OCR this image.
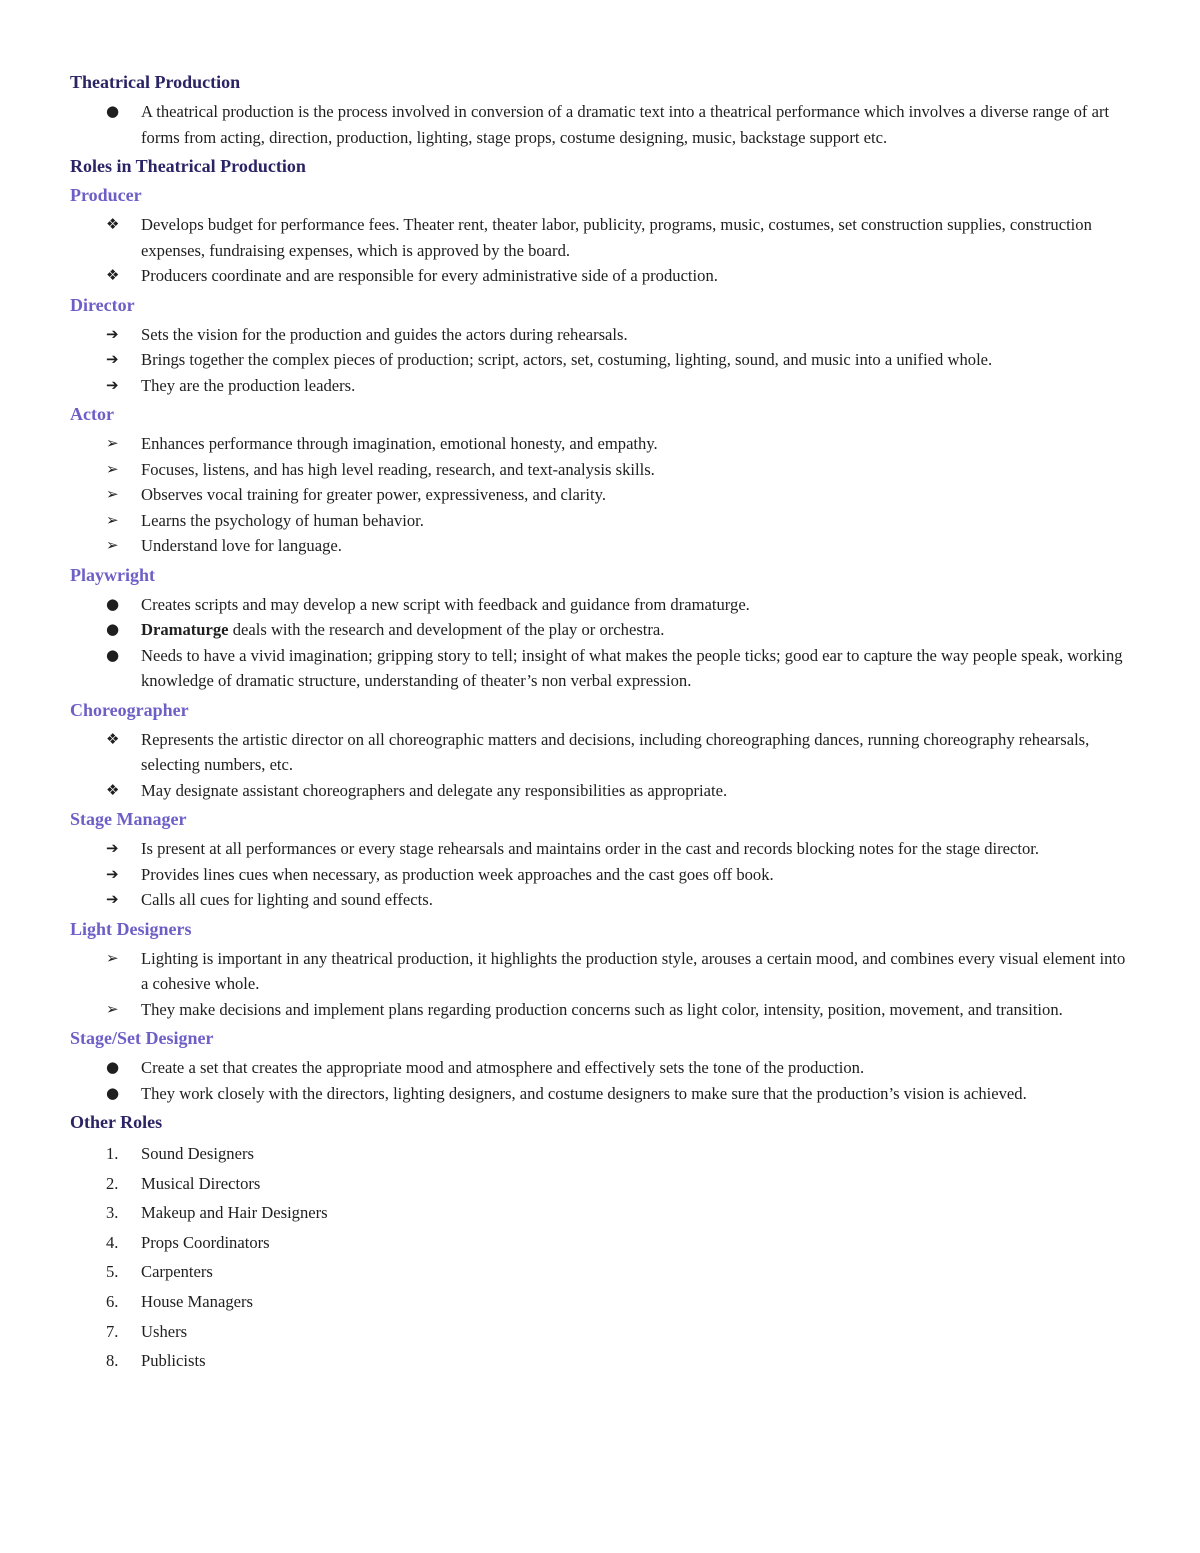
Theatrical Production
●	A theatrical production is the process involved in conversion of a dramatic text into a theatrical performance which involves a diverse range of art forms from acting, direction, production, lighting, stage props, costume designing, music, backstage support etc.
Roles in Theatrical Production
Producer
❖	Develops budget for performance fees. Theater rent, theater labor, publicity, programs, music, costumes, set construction supplies, construction expenses, fundraising expenses, which is approved by the board.
❖	Producers coordinate and are responsible for every administrative side of a production.
Director
➔	Sets the vision for the production and guides the actors during rehearsals.
➔	Brings together the complex pieces of production; script, actors, set, costuming, lighting, sound, and music into a unified whole.
➔	They are the production leaders.
Actor
➢	Enhances performance through imagination, emotional honesty, and empathy.
➢	Focuses, listens, and has high level reading, research, and text-analysis skills.
➢	Observes vocal training for greater power, expressiveness, and clarity.
➢	Learns the psychology of human behavior.
➢	Understand love for language.
Playwright
●	Creates scripts and may develop a new script with feedback and guidance from dramaturge.
●	Dramaturge deals with the research and development of the play or orchestra.
●	Needs to have a vivid imagination; gripping story to tell; insight of what makes the people ticks; good ear to capture the way people speak, working knowledge of dramatic structure, understanding of theater’s non verbal expression.
Choreographer
❖	Represents the artistic director on all choreographic matters and decisions, including choreographing dances, running choreography rehearsals, selecting numbers, etc.
❖	May designate assistant choreographers and delegate any responsibilities as appropriate.
Stage Manager
➔	Is present at all performances or every stage rehearsals and maintains order in the cast and records blocking notes for the stage director.
➔	Provides lines cues when necessary, as production week approaches and the cast goes off book.
➔	Calls all cues for lighting and sound effects.
Light Designers
➢	Lighting is important in any theatrical production, it highlights the production style, arouses a certain mood, and combines every visual element into a cohesive whole.
➢	They make decisions and implement plans regarding production concerns such as light color, intensity, position, movement, and transition.
Stage/Set Designer
●	Create a set that creates the appropriate mood and atmosphere and effectively sets the tone of the production.
●	They work closely with the directors, lighting designers, and costume designers to make sure that the production’s vision is achieved.
Other Roles
1.	Sound Designers
2.	Musical Directors
3.	Makeup and Hair Designers
4.	Props Coordinators
5.	Carpenters
6.	House Managers
7.	Ushers
8.	Publicists
